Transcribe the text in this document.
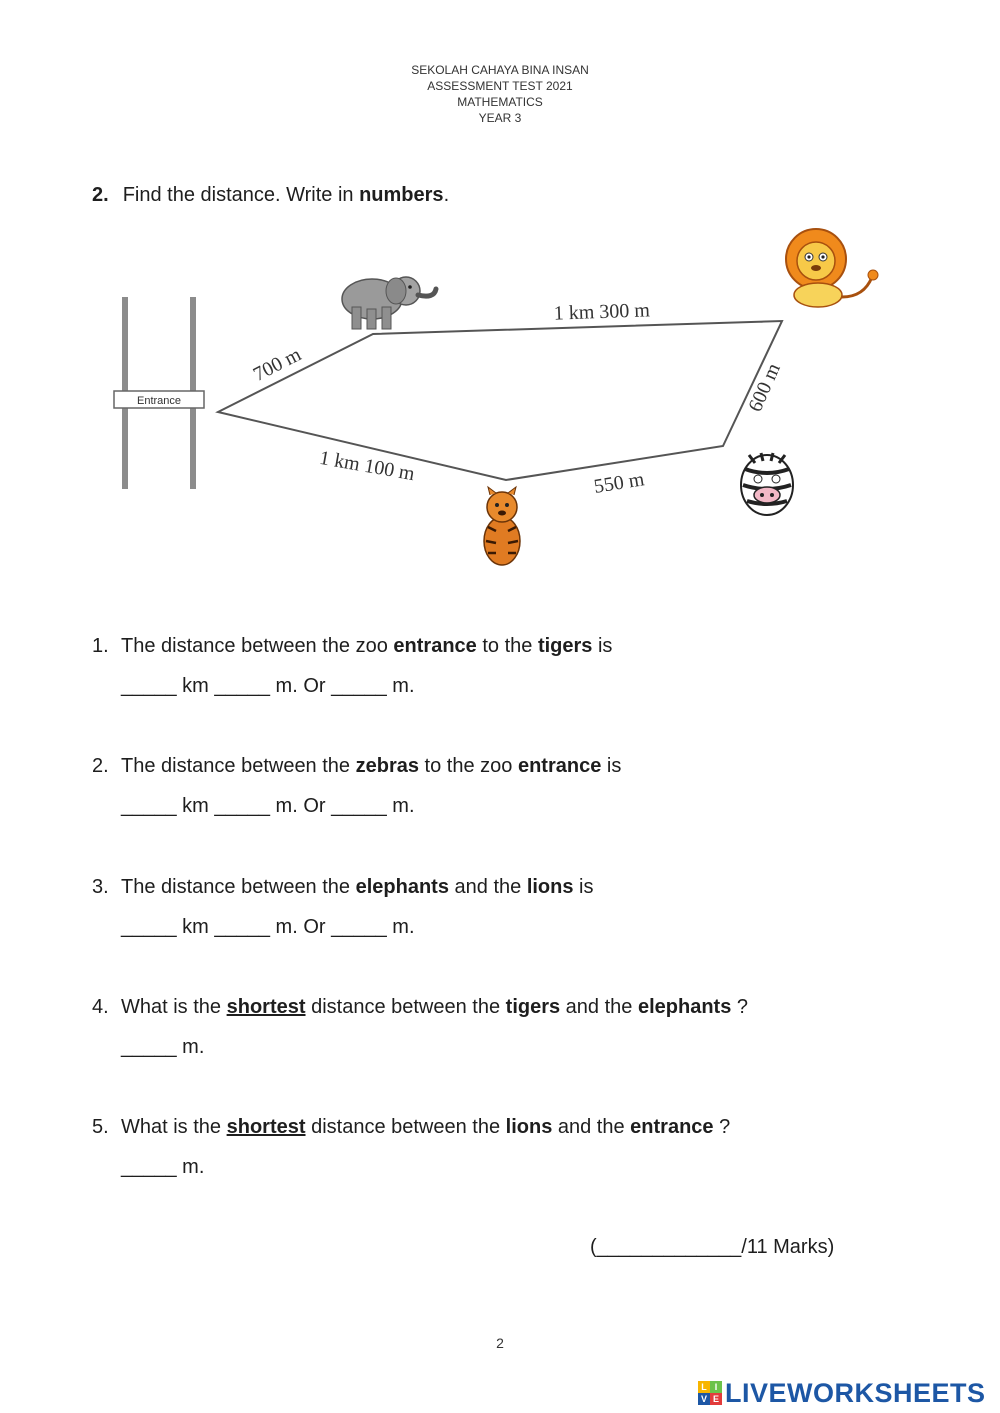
SEKOLAH CAHAYA BINA INSAN
ASSESSMENT TEST 2021
MATHEMATICS
YEAR 3
2. Find the distance. Write in numbers.
Entrance
700 m
1 km 300 m
600 m
550 m
1 km 100 m
1. The distance between the zoo entrance to the tigers is
_____ km _____ m. Or _____ m.
2. The distance between the zebras to the zoo entrance is
_____ km _____ m. Or _____ m.
3. The distance between the elephants and the lions is
_____ km _____ m. Or _____ m.
4. What is the shortest distance between the tigers and the elephants ?
_____ m.
5. What is the shortest distance between the lions and the entrance ?
_____ m.
(_____________/11 Marks)
2
L I
V E LIVEWORKSHEETS
